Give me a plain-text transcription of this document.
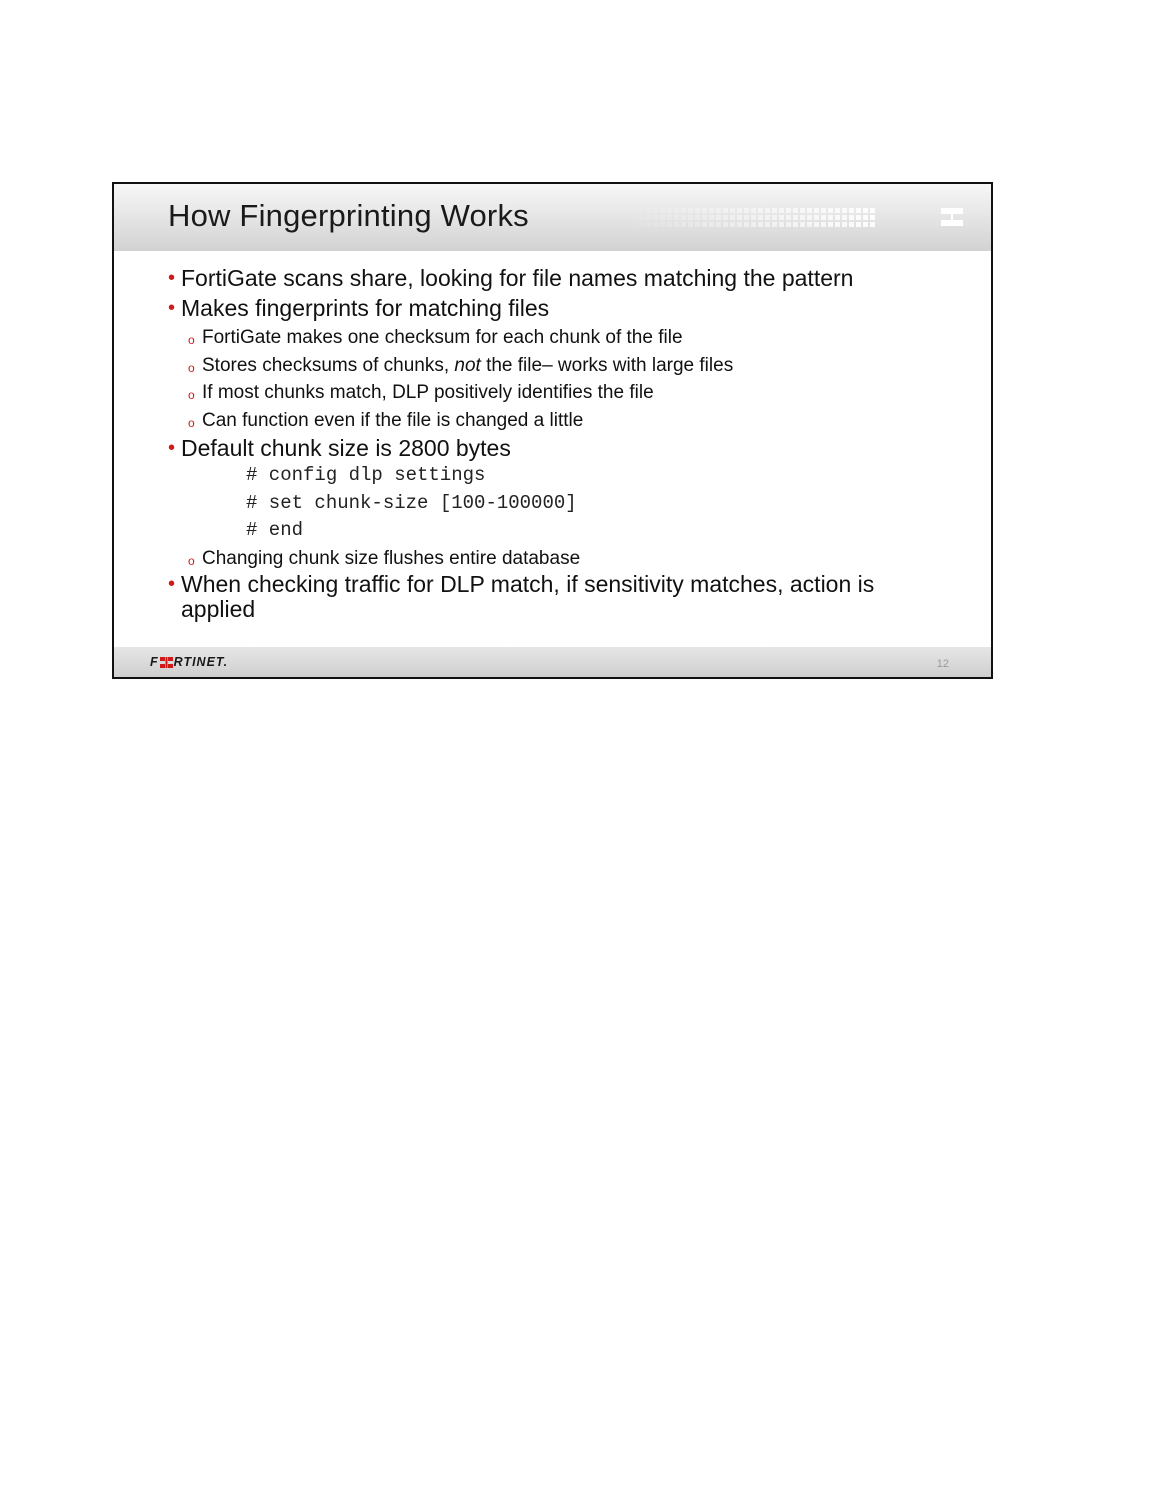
How Fingerprinting Works
• FortiGate scans share, looking for file names matching the pattern
• Makes fingerprints for matching files
o FortiGate makes one checksum for each chunk of the file
o Stores checksums of chunks, not the file– works with large files
o If most chunks match, DLP positively identifies the file
o Can function even if the file is changed a little
• Default chunk size is 2800 bytes
# config dlp settings
# set chunk-size [100-100000]
# end
o Changing chunk size flushes entire database
• When checking traffic for DLP match, if sensitivity matches, action is
applied
F RTINET.	12
